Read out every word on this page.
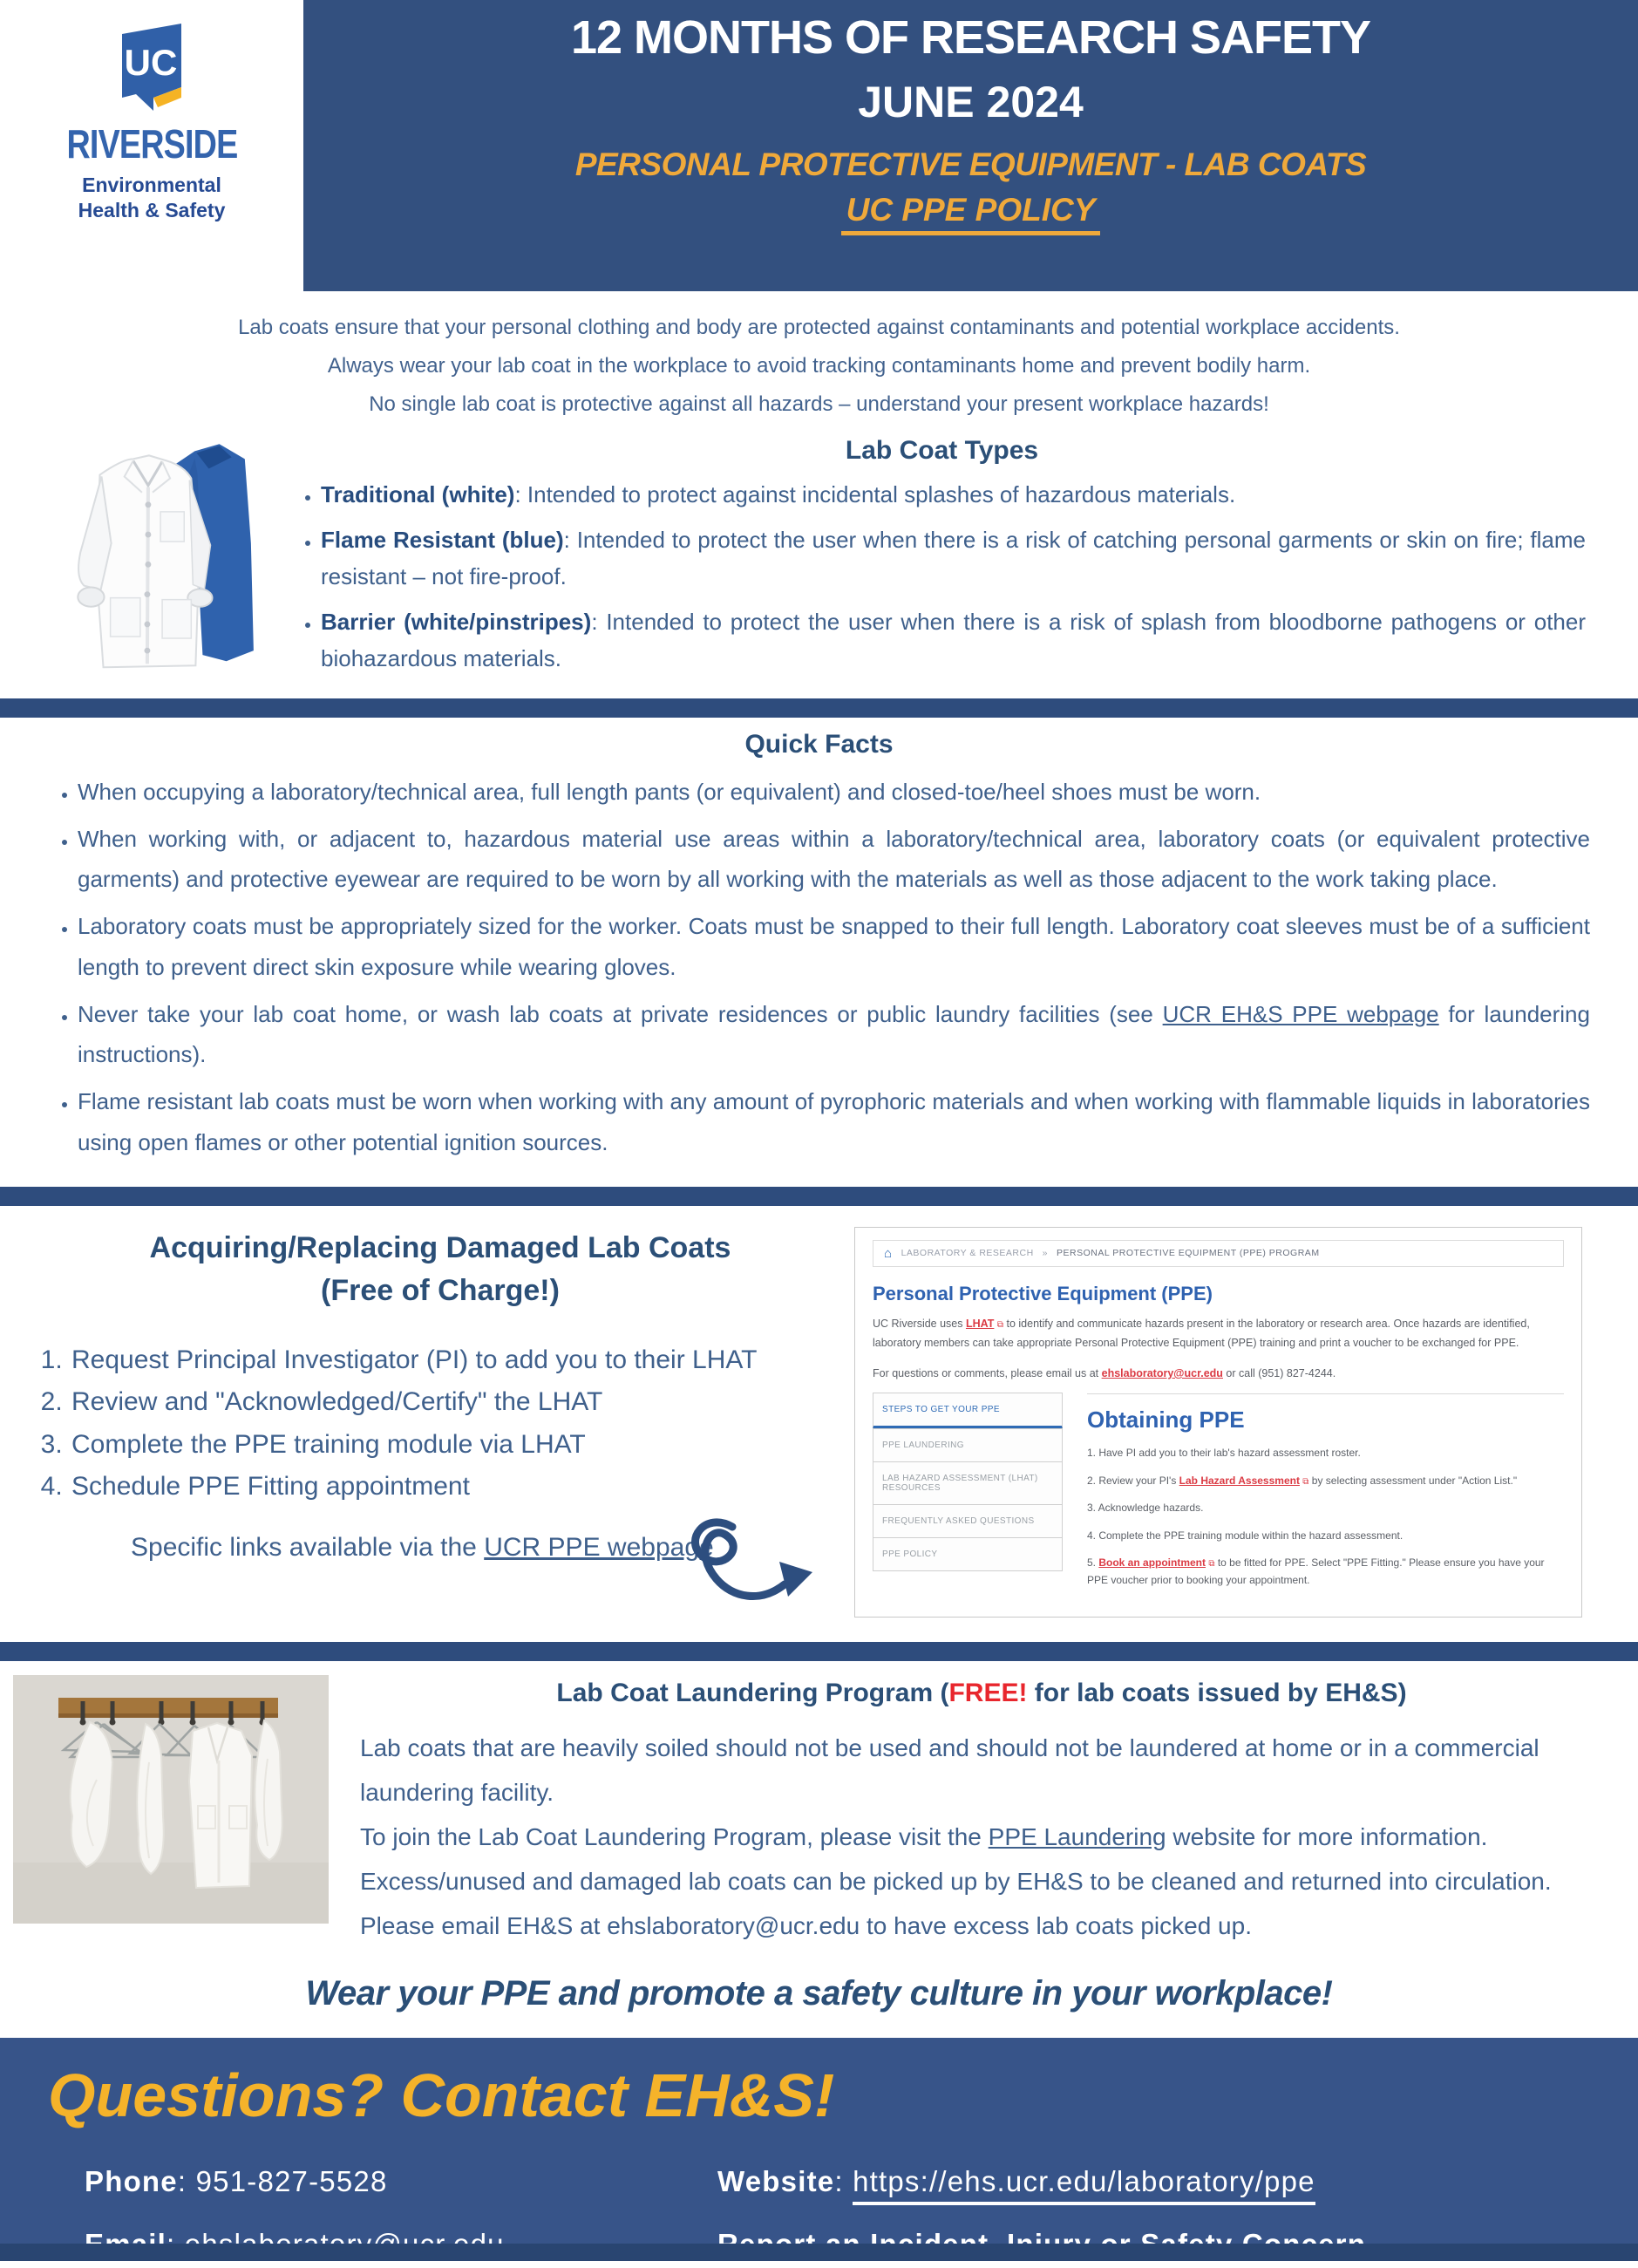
UC
RIVERSIDE
Environmental
Health & Safety
12 MONTHS OF RESEARCH SAFETY
JUNE 2024
PERSONAL PROTECTIVE EQUIPMENT - LAB COATS
UC PPE POLICY
Lab coats ensure that your personal clothing and body are protected against contaminants and potential workplace accidents.
Always wear your lab coat in the workplace to avoid tracking contaminants home and prevent bodily harm.
No single lab coat is protective against all hazards – understand your present workplace hazards!
Lab Coat Types
• Traditional (white): Intended to protect against incidental splashes of hazardous materials.
• Flame Resistant (blue): Intended to protect the user when there is a risk of catching personal garments or skin on fire; flame resistant – not fire-proof.
• Barrier (white/pinstripes): Intended to protect the user when there is a risk of splash from bloodborne pathogens or other biohazardous materials.
Quick Facts
• When occupying a laboratory/technical area, full length pants (or equivalent) and closed-toe/heel shoes must be worn.
• When working with, or adjacent to, hazardous material use areas within a laboratory/technical area, laboratory coats (or equivalent protective garments) and protective eyewear are required to be worn by all working with the materials as well as those adjacent to the work taking place.
• Laboratory coats must be appropriately sized for the worker. Coats must be snapped to their full length. Laboratory coat sleeves must be of a sufficient length to prevent direct skin exposure while wearing gloves.
• Never take your lab coat home, or wash lab coats at private residences or public laundry facilities (see UCR EH&S PPE webpage for laundering instructions).
• Flame resistant lab coats must be worn when working with any amount of pyrophoric materials and when working with flammable liquids in laboratories using open flames or other potential ignition sources.
Acquiring/Replacing Damaged Lab Coats
(Free of Charge!)
1. Request Principal Investigator (PI) to add you to their LHAT
2. Review and "Acknowledged/Certify" the LHAT
3. Complete the PPE training module via LHAT
4. Schedule PPE Fitting appointment
Specific links available via the UCR PPE webpage
⌂ LABORATORY & RESEARCH » PERSONAL PROTECTIVE EQUIPMENT (PPE) PROGRAM
Personal Protective Equipment (PPE)

UC Riverside uses LHAT ⧉ to identify and communicate hazards present in the laboratory or research area. Once hazards are identified, laboratory members can take appropriate Personal Protective Equipment (PPE) training and print a voucher to be exchanged for PPE.

For questions or comments, please email us at ehslaboratory@ucr.edu or call (951) 827-4244.

STEPS TO GET YOUR PPE
PPE LAUNDERING
LAB HAZARD ASSESSMENT (LHAT) RESOURCES
FREQUENTLY ASKED QUESTIONS
PPE POLICY
Obtaining PPE
1. Have PI add you to their lab's hazard assessment roster.
2. Review your PI's Lab Hazard Assessment ⧉ by selecting assessment under "Action List."
3. Acknowledge hazards.
4. Complete the PPE training module within the hazard assessment.
5. Book an appointment ⧉ to be fitted for PPE. Select "PPE Fitting." Please ensure you have your PPE voucher prior to booking your appointment.
Lab Coat Laundering Program (FREE! for lab coats issued by EH&S)

Lab coats that are heavily soiled should not be used and should not be laundered at home or in a commercial laundering facility.

To join the Lab Coat Laundering Program, please visit the PPE Laundering website for more information.

Excess/unused and damaged lab coats can be picked up by EH&S to be cleaned and returned into circulation. Please email EH&S at ehslaboratory@ucr.edu to have excess lab coats picked up.

Wear your PPE and promote a safety culture in your workplace!
Questions? Contact EH&S!
Phone: 951-827-5528	Website: https://ehs.ucr.edu/laboratory/ppe
